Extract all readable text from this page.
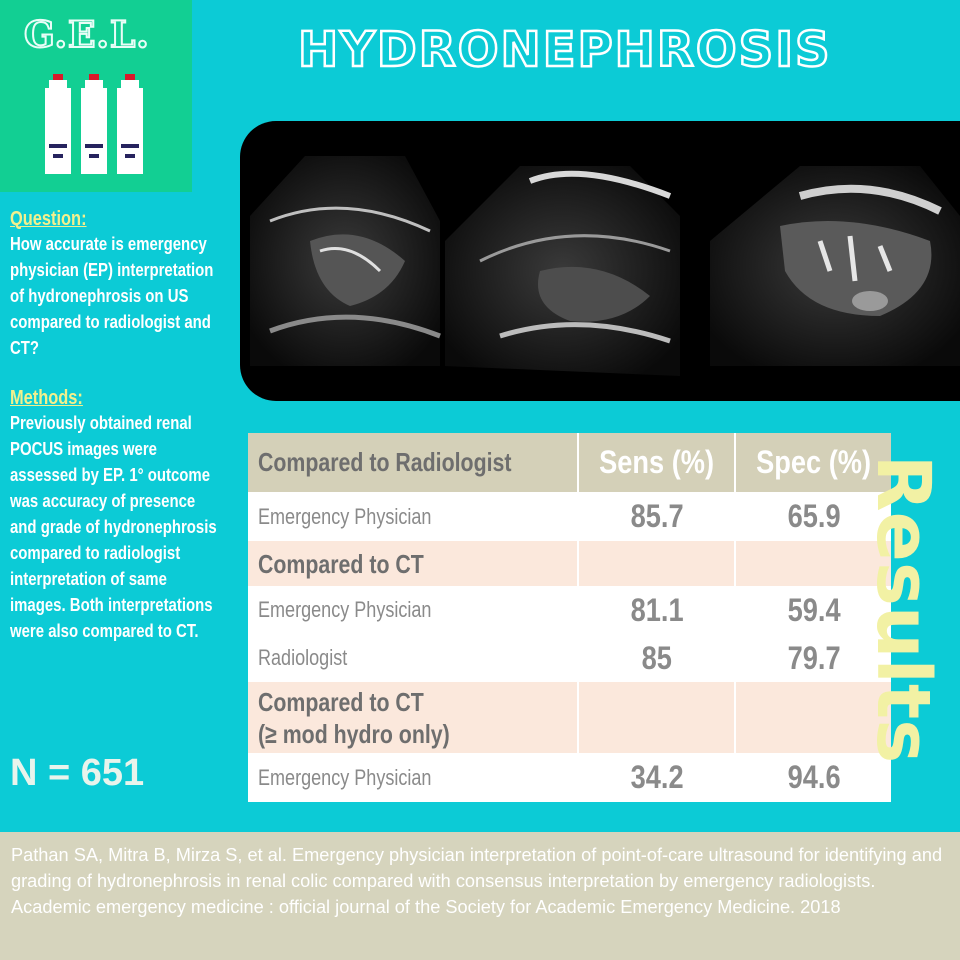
G.E.L.	HYDRONEPHROSIS
Question:
How accurate is emergency physician (EP) interpretation of hydronephrosis on US compared to radiologist and CT?
Methods:
Previously obtained renal POCUS images were assessed by EP. 1° outcome was accuracy of presence and grade of hydronephrosis compared to radiologist interpretation of same images. Both interpretations were also compared to CT.
N = 651
Compared to Radiologist	Sens (%)	Spec (%)
Emergency Physician	85.7	65.9
Compared to CT		
Emergency Physician	81.1	59.4
Radiologist	85	79.7
Compared to CT
(≥ mod hydro only)		
Emergency Physician	34.2	94.6
Results

Pathan SA, Mitra B, Mirza S, et al. Emergency physician interpretation of point-of-care ultrasound for identifying and grading of hydronephrosis in renal colic compared with consensus interpretation by emergency radiologists. Academic emergency medicine : official journal of the Society for Academic Emergency Medicine. 2018
